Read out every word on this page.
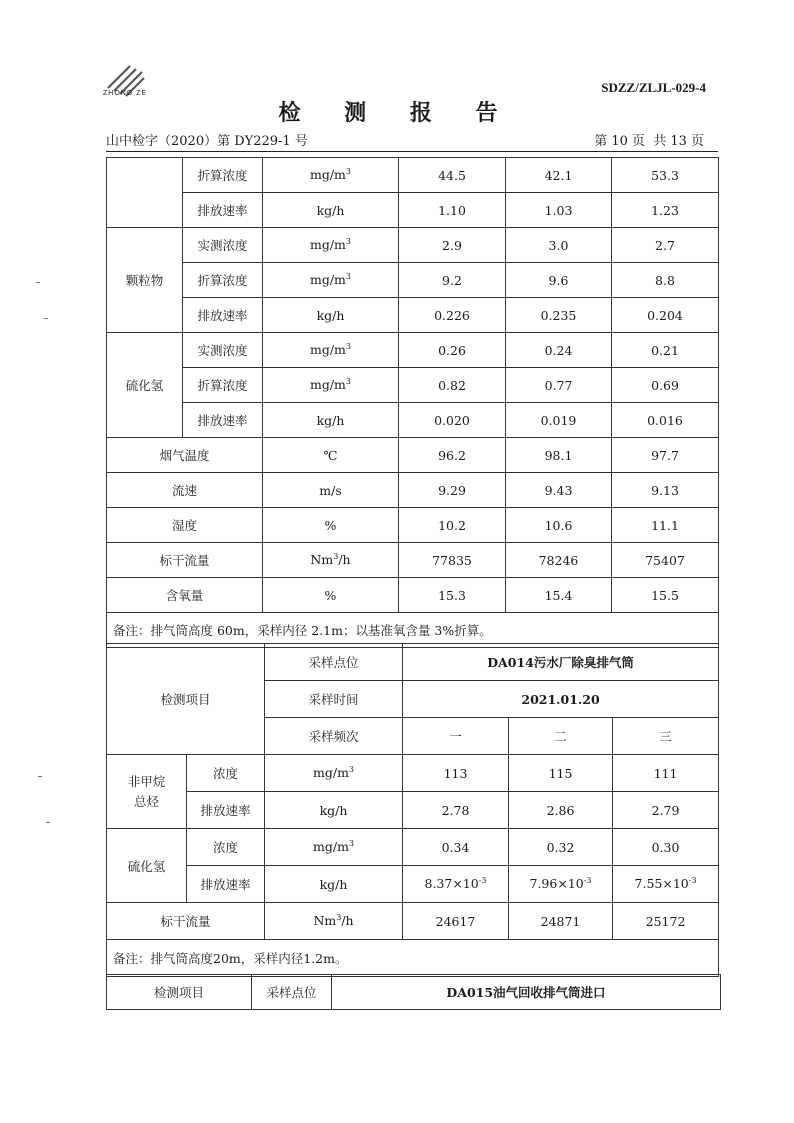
ZHONG ZE	SDZZ/ZLJL-029-4
检 测 报 告
山中检字（2020）第 DY229-1 号	第 10 页 共 13 页
	折算浓度	$mg/m^3$	44.5	42.1	53.3
	排放速率	kg/h	1.10	1.03	1.23
颗粒物	实测浓度	$mg/m^3$	2.9	3.0	2.7
	折算浓度	$mg/m^3$	9.2	9.6	8.8
	排放速率	kg/h	0.226	0.235	0.204
硫化氢	实测浓度	$mg/m^3$	0.26	0.24	0.21
	折算浓度	$mg/m^3$	0.82	0.77	0.69
	排放速率	kg/h	0.020	0.019	0.016
烟气温度		℃	96.2	98.1	97.7
流速		m/s	9.29	9.43	9.13
湿度		%	10.2	10.6	11.1
标干流量		Nm$^3$/h	77835	78246	75407
含氧量		%	15.3	15.4	15.5
备注：排气筒高度 60m，采样内径 2.1m；以基准氧含量 3%折算。					
检测项目		采样点位	DA014污水厂除臭排气筒		
		采样时间	2021.01.20		
		采样频次	一	二	三

非甲烷总烃	浓度	$mg/m^3$	113	115	111
	排放速率	kg/h	2.78	2.86	2.79
硫化氢	浓度	$mg/m^3$	0.34	0.32	0.30
	排放速率	kg/h	$8.37\times 10^{-3}$	$7.96\times 10^{-3}$	$7.55\times 10^{-3}$
标干流量		Nm$^3$/h	24617	24871	25172
备注：排气筒高度20m，采样内径1.2m。					
检测项目	采样点位	DA015油气回收排气筒进口
